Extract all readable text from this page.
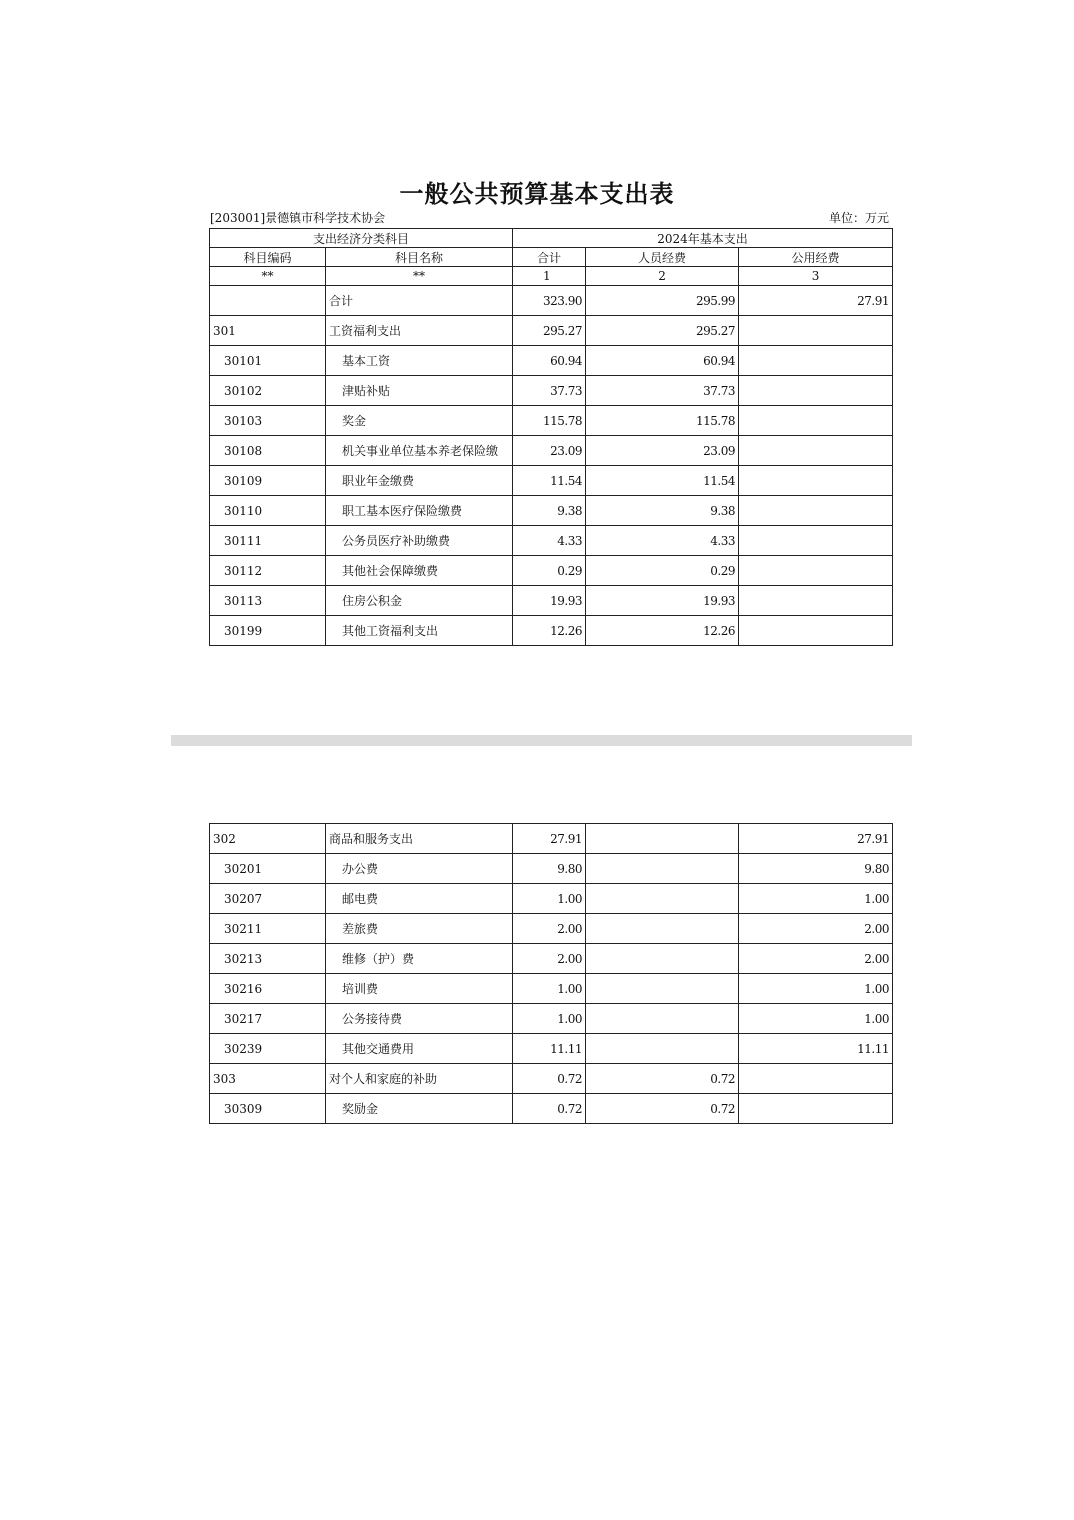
一般公共预算基本支出表
[203001]景德镇市科学技术协会	单位：万元
支出经济分类科目		2024年基本支出		
科目编码	科目名称	合计	人员经费	公用经费
**	**	1	2	3
	合计	323.90	295.99	27.91
301	工资福利支出	295.27	295.27	
30101	基本工资	60.94	60.94	
30102	津贴补贴	37.73	37.73	
30103	奖金	115.78	115.78	
30108	机关事业单位基本养老保险缴	23.09	23.09	
30109	职业年金缴费	11.54	11.54	
30110	职工基本医疗保险缴费	9.38	9.38	
30111	公务员医疗补助缴费	4.33	4.33	
30112	其他社会保障缴费	0.29	0.29	
30113	住房公积金	19.93	19.93	
30199	其他工资福利支出	12.26	12.26	
302	商品和服务支出	27.91		27.91
30201	办公费	9.80		9.80
30207	邮电费	1.00		1.00
30211	差旅费	2.00		2.00
30213	维修（护）费	2.00		2.00
30216	培训费	1.00		1.00
30217	公务接待费	1.00		1.00
30239	其他交通费用	11.11		11.11
303	对个人和家庭的补助	0.72	0.72	
30309	奖励金	0.72	0.72	
